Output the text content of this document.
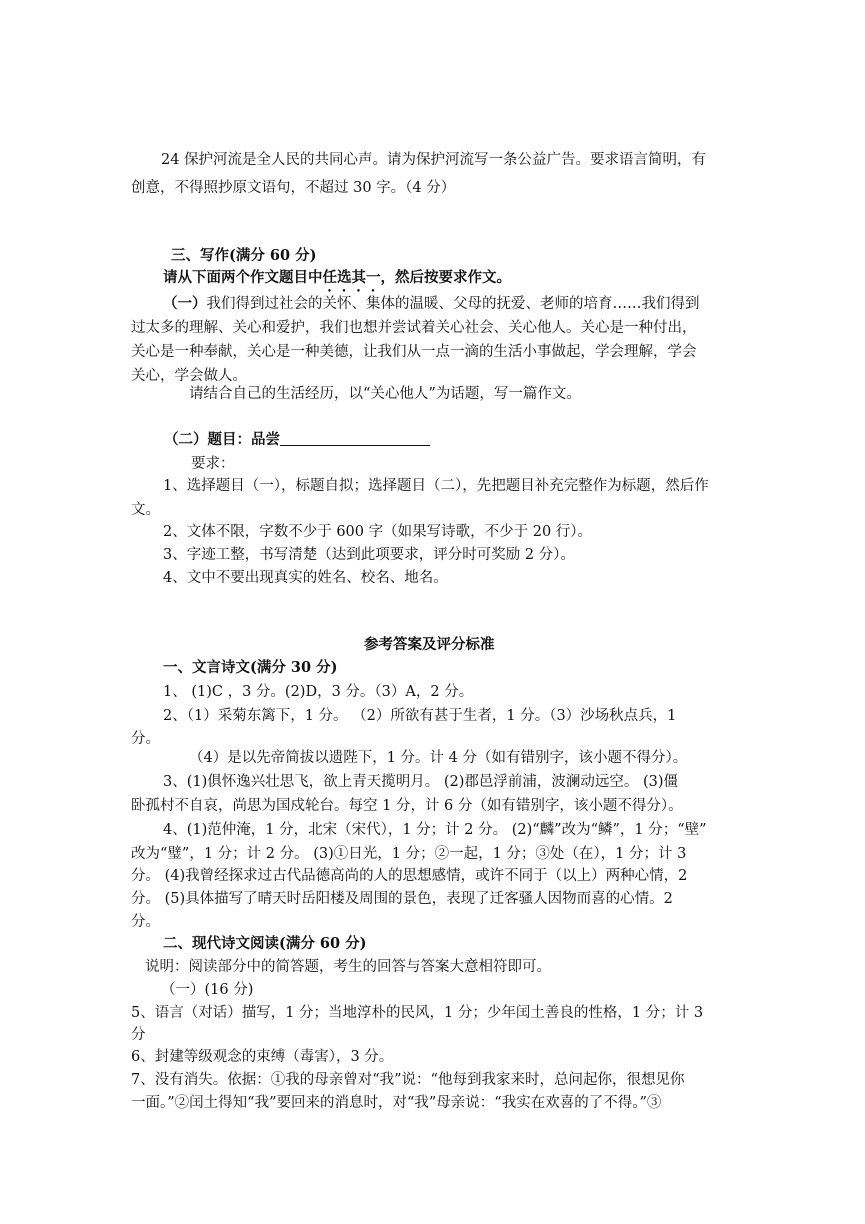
24 保护河流是全人民的共同心声。请为保护河流写一条公益广告。要求语言简明，有
创意，不得照抄原文语句，不超过 30 字。（4 分）
三、写作(满分 60 分)
请从下面两个作文题目中任选其一，然后按要求作文。
（一）我们得到过社会的关怀、集体的温暖、父母的抚爱、老师的培育……我们得到
过太多的理解、关心和爱护，我们也想并尝试着关心社会、关心他人。关心是一种付出，
关心是一种奉献，关心是一种美德，让我们从一点一滴的生活小事做起，学会理解，学会
关心，学会做人。
请结合自己的生活经历，以“关心他人”为话题，写一篇作文。
（二）题目：品尝
要求：
1、选择题目（一），标题自拟；选择题目（二），先把题目补充完整作为标题，然后作
文。
2、文体不限，字数不少于 600 字（如果写诗歌，不少于 20 行）。
3、字迹工整，书写清楚（达到此项要求，评分时可奖励 2 分）。
4、文中不要出现真实的姓名、校名、地名。
参考答案及评分标准
一、文言诗文(满分 30 分)
1、 (1)C ，3 分。(2)D，3 分。（3）A，2 分。
2、（1）采菊东篱下，1 分。 （2）所欲有甚于生者，1 分。（3）沙场秋点兵，1
分。
（4）是以先帝简拔以遗陛下，1 分。计 4 分（如有错别字，该小题不得分）。
3、(1)俱怀逸兴壮思飞，欲上青天揽明月。 (2)郡邑浮前浦，波澜动远空。 (3)僵
卧孤村不自哀，尚思为国戍轮台。每空 1 分，计 6 分（如有错别字，该小题不得分）。
4、(1)范仲淹，1 分，北宋（宋代），1 分；计 2 分。 (2)“麟”改为“鳞”，1 分；“壁”
改为“璧”，1 分；计 2 分。 (3)①日光，1 分；②一起，1 分；③处（在），1 分；计 3
分。 (4)我曾经探求过古代品德高尚的人的思想感情，或许不同于（以上）两种心情，2
分。 (5)具体描写了晴天时岳阳楼及周围的景色，表现了迁客骚人因物而喜的心情。2
分。
二、现代诗文阅读(满分 60 分)
说明：阅读部分中的简答题，考生的回答与答案大意相符即可。
（一）(16 分)
5、语言（对话）描写，1 分；当地淳朴的民风，1 分；少年闰土善良的性格，1 分；计 3
分
6、封建等级观念的束缚（毒害），3 分。
7、没有消失。依据：①我的母亲曾对“我”说：“他每到我家来时，总问起你，很想见你
一面。”②闰土得知“我”要回来的消息时，对“我”母亲说：“我实在欢喜的了不得。”③
